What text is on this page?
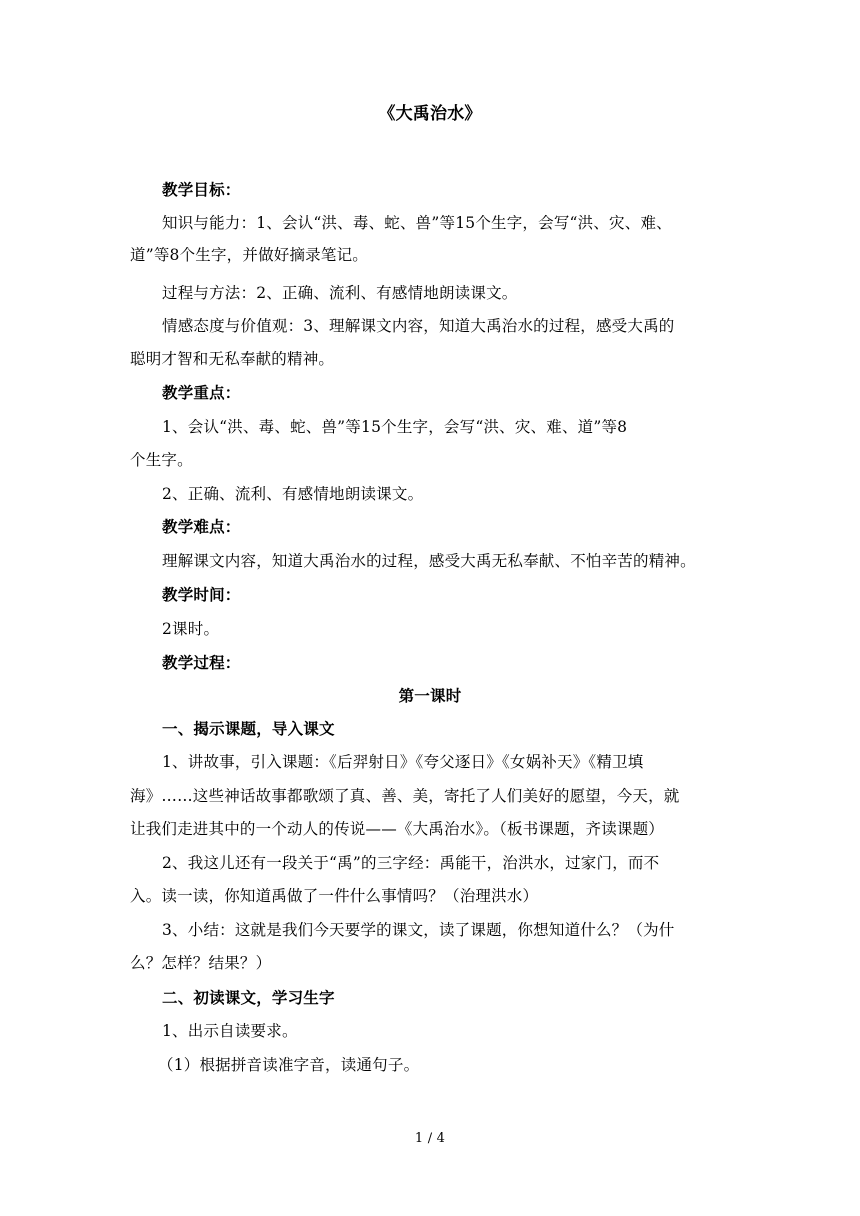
《大禹治水》
教学目标：
知识与能力：1、会认“洪、毒、蛇、兽”等15个生字，会写“洪、灾、难、
道”等8个生字，并做好摘录笔记。
过程与方法：2、正确、流利、有感情地朗读课文。
情感态度与价值观：3、理解课文内容，知道大禹治水的过程，感受大禹的
聪明才智和无私奉献的精神。
教学重点：
1、会认“洪、毒、蛇、兽”等15个生字，会写“洪、灾、难、道”等8
个生字。
2、正确、流利、有感情地朗读课文。
教学难点：
理解课文内容，知道大禹治水的过程，感受大禹无私奉献、不怕辛苦的精神。
教学时间：
2课时。
教学过程：
第一课时
一、揭示课题，导入课文
1、讲故事，引入课题：《后羿射日》《夸父逐日》《女娲补天》《精卫填
海》……这些神话故事都歌颂了真、善、美，寄托了人们美好的愿望，今天，就
让我们走进其中的一个动人的传说——《大禹治水》。（板书课题，齐读课题）
2、我这儿还有一段关于“禹”的三字经：禹能干，治洪水，过家门，而不
入。读一读，你知道禹做了一件什么事情吗？（治理洪水）
3、小结：这就是我们今天要学的课文，读了课题，你想知道什么？（为什
么？怎样？结果？）
二、初读课文，学习生字
1、出示自读要求。
（1）根据拼音读准字音，读通句子。
1 / 4
